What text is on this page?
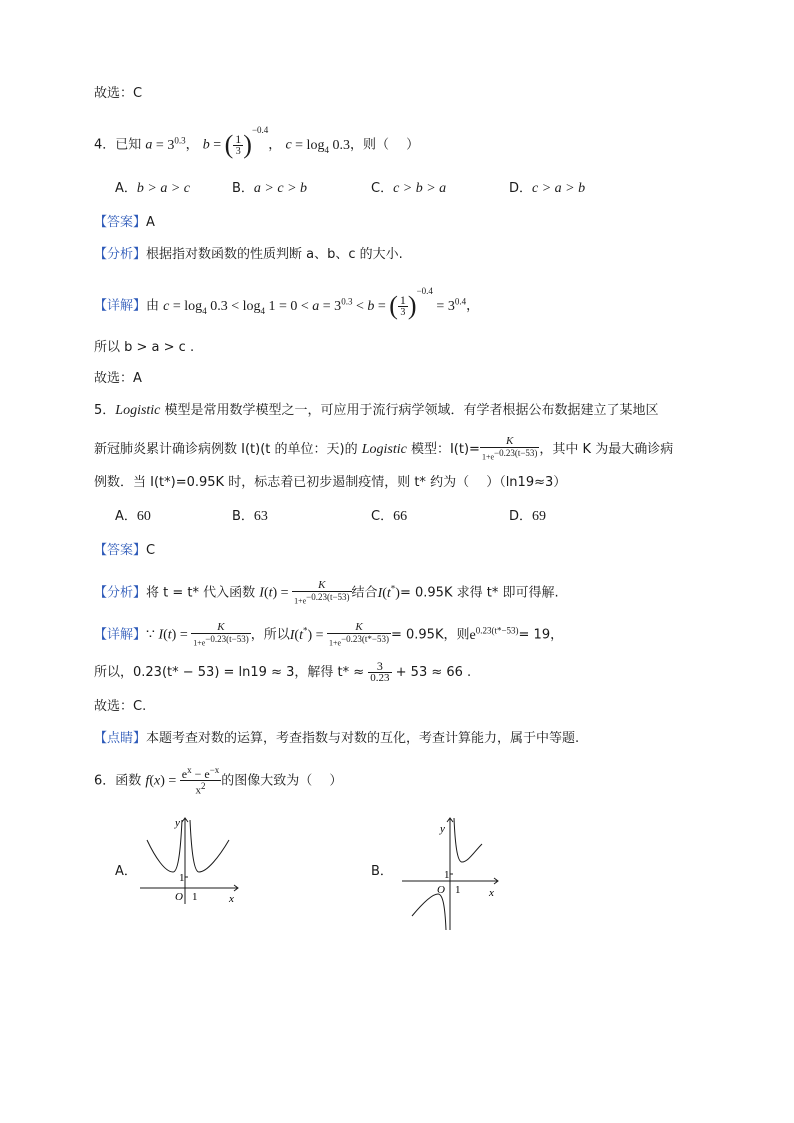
故选：C
4．已知 $a = 3^{0.3}$， b = ( $\frac{1}{3} )^{-0.4}$， $c = \log_4 0.3$，则（　 ）
A．b > a > c	B．a > c > b	C．c > b > a	D．c > a > b
【答案】A
【分析】根据指对数函数的性质判断 a、b、c 的大小.
【详解】由 $c = \log_4 0.3 < \log_4 1 = 0 < a = 3^{0.3} < b$ = ( $\frac{1}{3} )^{-0.4} = 3^{0.4}$，
所以 b > a > c .
故选：A
5．Logistic 模型是常用数学模型之一，可应用于流行病学领域．有学者根据公布数据建立了某地区
新冠肺炎累计确诊病例数 I(t)(t 的单位：天)的 Logistic 模型：$I(t)= \frac{K}{1+e^{-0.23(t-53)}}$ ，其中 K 为最大确诊病
例数．当 I(t*)=0.95K 时，标志着已初步遏制疫情，则 t* 约为（　 ）（ln19≈3）
A．60	B．63	C．66	D．69
【答案】C
【分析】将 t = t* 代入函数 $I(t) = \frac{K}{1+e^{-0.23(t-53)}}$ 结合I(t*)= 0.95K 求得 t* 即可得解.
【详解】∵ $I(t) = \frac{K}{1+e^{-0.23(t-53)}}$ ，所以$I(t^*) = \frac{K}{1+e^{-0.23(t*-53)}} = 0.95K$，则$e^{0.23(t*-53)}= 19$，
所以，0.23(t* − 53) = ln19 ≈ 3，解得 $t* \approx \frac{3}{0.23} + 53 \approx 66$ .
故选：C.
【点睛】本题考查对数的运算，考查指数与对数的互化，考查计算能力，属于中等题.
6．函数 $f(x) = \frac{e^x - e^{-x}}{x^2}$ 的图像大致为（　 ）
A．	B．
y
1
O 1	x
y
1
O 1	x
